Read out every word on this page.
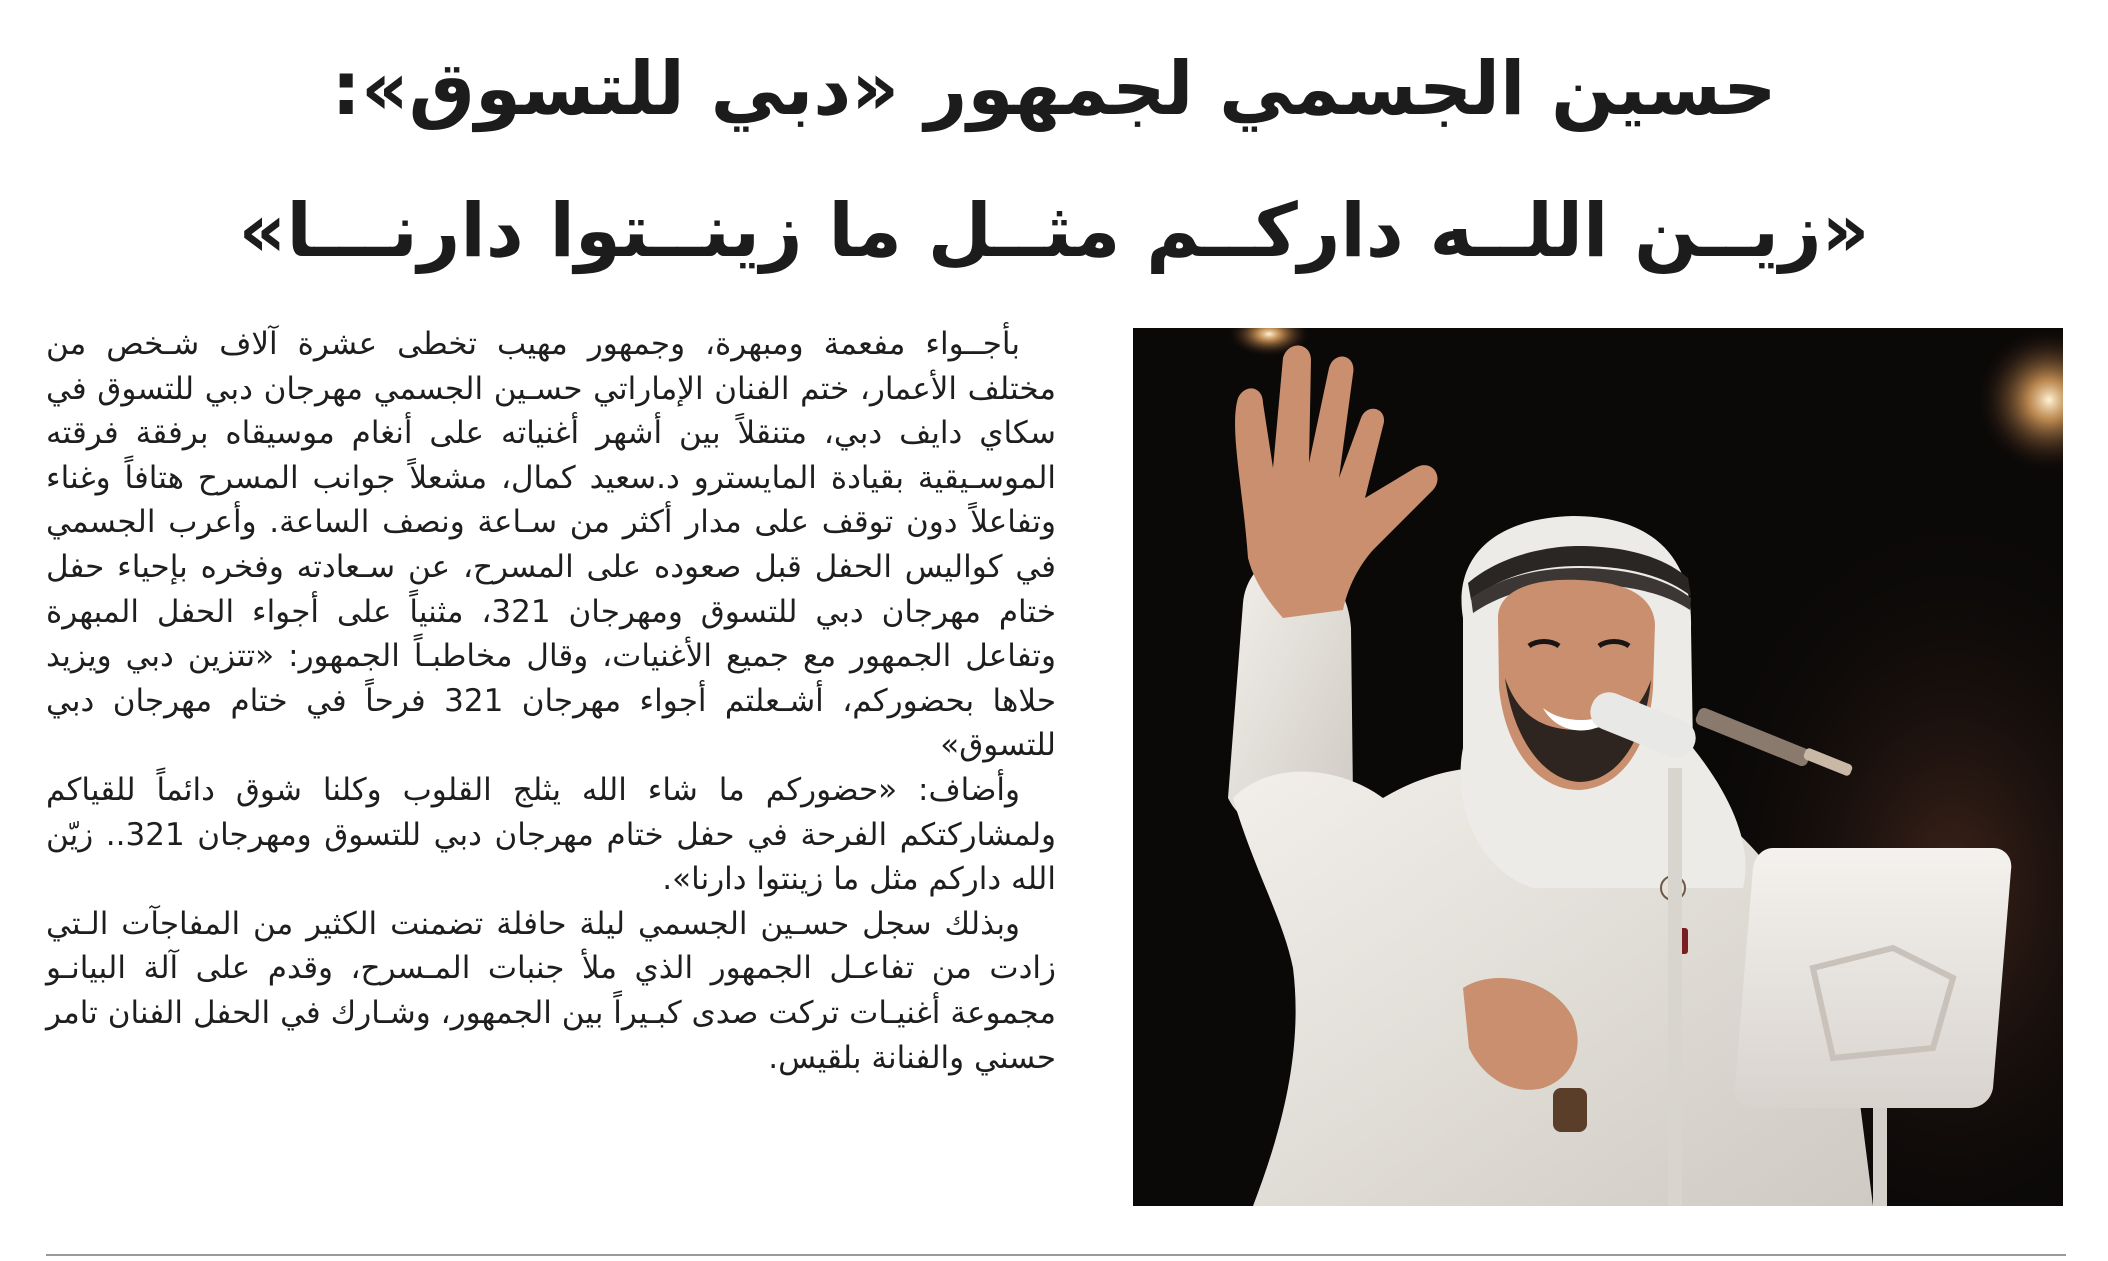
حسين الجسمي لجمهور «دبي للتسوق»:
«زيــن اللــه داركــم مثــل ما زينــتوا دارنـــا»

بأجــواء مفعمة ومبهرة، وجمهور مهيب تخطى عشرة آلاف شـخص من مختلف الأعمار، ختم الفنان الإماراتي حسـين الجسمي مهرجان دبي للتسوق في سكاي دايف دبي، متنقلاً بين أشهر أغنياته على أنغام موسيقاه برفقة فرقته الموسـيقية بقيادة المايسترو د.سعيد كمال، مشعلاً جوانب المسرح هتافاً وغناء وتفاعلاً دون توقف على مدار أكثر من سـاعة ونصف الساعة. وأعرب الجسمي في كواليس الحفل قبل صعوده على المسرح، عن سـعادته وفخره بإحياء حفل ختام مهرجان دبي للتسوق ومهرجان 321، مثنياً على أجواء الحفل المبهرة وتفاعل الجمهور مع جميع الأغنيات، وقال مخاطبـاً الجمهور: «تتزين دبي ويزيد حلاها بحضوركم، أشـعلتم أجواء مهرجان 321 فرحاً في ختام مهرجان دبي للتسوق»

وأضاف: «حضوركم ما شاء الله يثلج القلوب وكلنا شوق دائماً للقياكم ولمشاركتكم الفرحة في حفل ختام مهرجان دبي للتسوق ومهرجان 321.. زيّن الله داركم مثل ما زينتوا دارنا».

وبذلك سجل حسـين الجسمي ليلة حافلة تضمنت الكثير من المفاجآت الـتي زادت من تفاعـل الجمهور الذي ملأ جنبات المـسرح، وقدم على آلة البيانـو مجموعة أغنيـات تركت صدى كبـيراً بين الجمهور، وشـارك في الحفل الفنان تامر حسني والفنانة بلقيس.
